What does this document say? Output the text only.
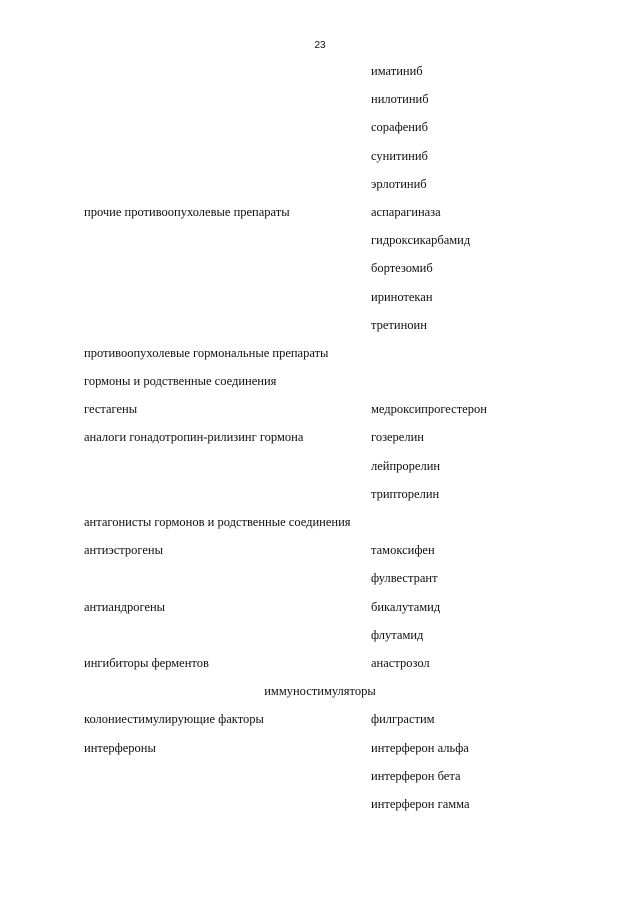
23
иматиниб
нилотиниб
сорафениб
сунитиниб
эрлотиниб
прочие противоопухолевые препараты	аспарагиназа
гидроксикарбамид
бортезомиб
иринотекан
третиноин
противоопухолевые гормональные препараты
гормоны и родственные соединения
гестагены	медроксипрогестерон
аналоги гонадотропин-рилизинг гормона	гозерелин
лейпрорелин
трипторелин
антагонисты гормонов и родственные соединения
антиэстрогены	тамоксифен
фулвестрант
антиандрогены	бикалутамид
флутамид
ингибиторы ферментов	анастрозол
иммуностимуляторы
колониестимулирующие факторы	филграстим
интерфероны	интерферон альфа
интерферон бета
интерферон гамма
